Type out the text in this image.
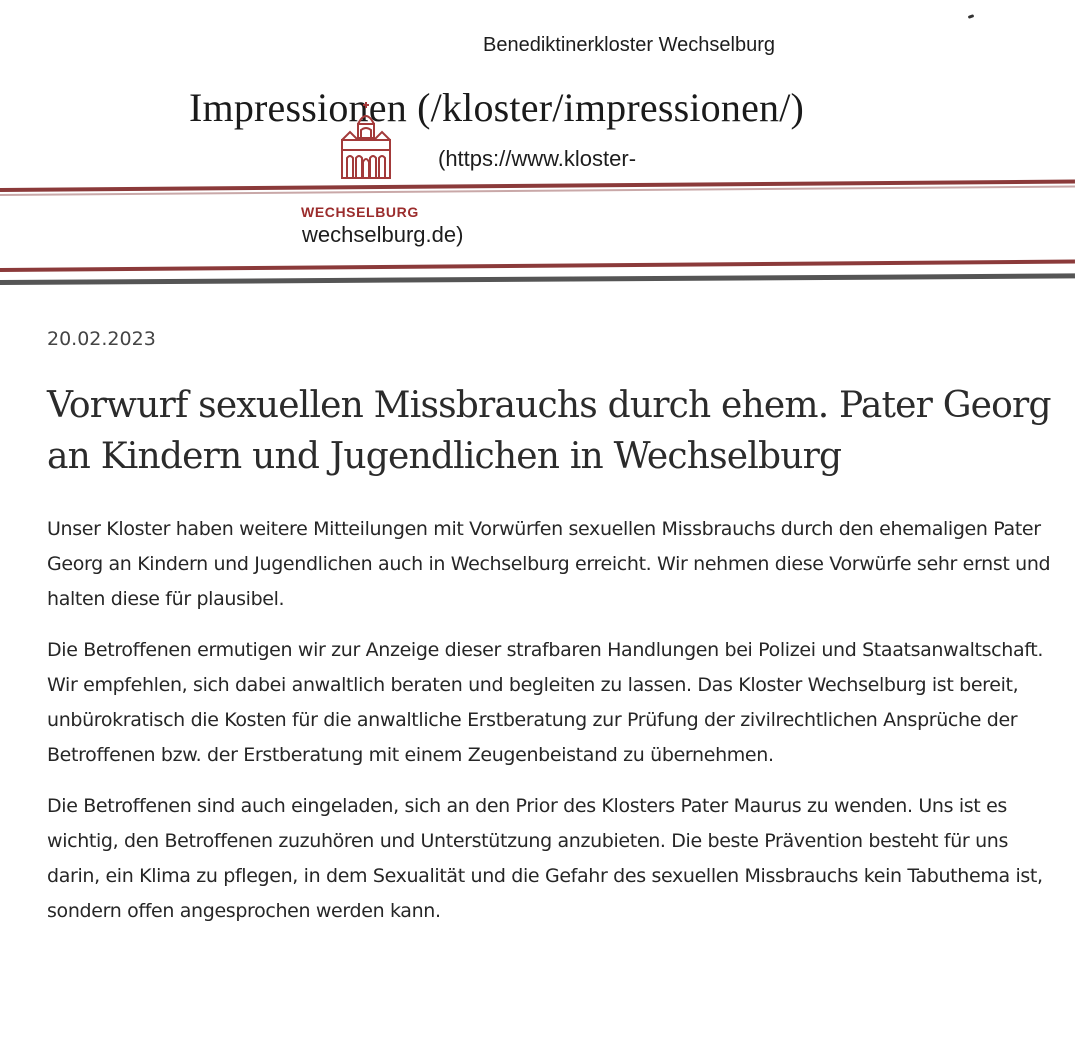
Benediktinerkloster Wechselburg
Impressionen (/kloster/impressionen/)
(https://www.kloster-
WECHSELBURG
wechselburg.de)
20.02.2023
Vorwurf sexuellen Missbrauchs durch ehem. Pater Georg an Kindern und Jugendlichen in Wechselburg

Unser Kloster haben weitere Mitteilungen mit Vorwürfen sexuellen Missbrauchs durch den ehemaligen Pater Georg an Kindern und Jugendlichen auch in Wechselburg erreicht. Wir nehmen diese Vorwürfe sehr ernst und halten diese für plausibel.

Die Betroffenen ermutigen wir zur Anzeige dieser strafbaren Handlungen bei Polizei und Staatsanwaltschaft. Wir empfehlen, sich dabei anwaltlich beraten und begleiten zu lassen. Das Kloster Wechselburg ist bereit, unbürokratisch die Kosten für die anwaltliche Erstberatung zur Prüfung der zivilrechtlichen Ansprüche der Betroffenen bzw. der Erstberatung mit einem Zeugenbeistand zu übernehmen.

Die Betroffenen sind auch eingeladen, sich an den Prior des Klosters Pater Maurus zu wenden. Uns ist es wichtig, den Betroffenen zuzuhören und Unterstützung anzubieten. Die beste Prävention besteht für uns darin, ein Klima zu pflegen, in dem Sexualität und die Gefahr des sexuellen Missbrauchs kein Tabuthema ist, sondern offen angesprochen werden kann.
